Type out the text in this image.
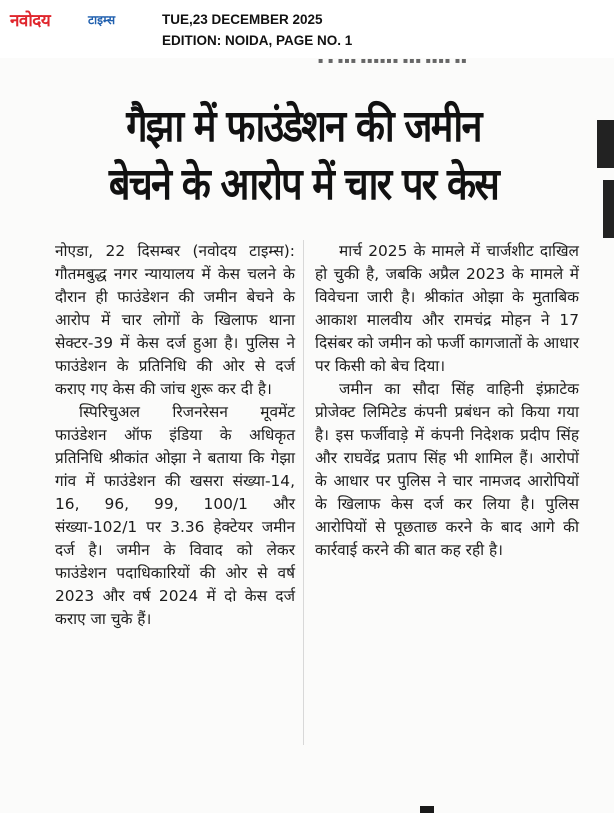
नवोदय	टाइम्स	TUE,23 DECEMBER 2025
EDITION: NOIDA, PAGE NO. 1
▪ ▪ ▪▪▪ ▪▪▪▪▪▪ ▪▪▪ ▪▪▪▪ ▪▪
गैझा में फाउंडेशन की जमीन
बेचने के आरोप में चार पर केस

नोएडा, 22 दिसम्बर (नवोदय टाइम्स): गौतमबुद्ध नगर न्यायालय में केस चलने के दौरान ही फाउंडेशन की जमीन बेचने के आरोप में चार लोगों के खिलाफ थाना सेक्टर-39 में केस दर्ज हुआ है। पुलिस ने फाउंडेशन के प्रतिनिधि की ओर से दर्ज कराए गए केस की जांच शुरू कर दी है।

स्पिरिचुअल रिजनरेसन मूवमेंट फाउंडेशन ऑफ इंडिया के अधिकृत प्रतिनिधि श्रीकांत ओझा ने बताया कि गेझा गांव में फाउंडेशन की खसरा संख्या-14, 16, 96, 99, 100/1 और संख्या-102/1 पर 3.36 हेक्टेयर जमीन दर्ज है। जमीन के विवाद को लेकर फाउंडेशन पदाधिकारियों की ओर से वर्ष 2023 और वर्ष 2024 में दो केस दर्ज कराए जा चुके हैं।

मार्च 2025 के मामले में चार्जशीट दाखिल हो चुकी है, जबकि अप्रैल 2023 के मामले में विवेचना जारी है। श्रीकांत ओझा के मुताबिक आकाश मालवीय और रामचंद्र मोहन ने 17 दिसंबर को जमीन को फर्जी कागजातों के आधार पर किसी को बेच दिया।

जमीन का सौदा सिंह वाहिनी इंफ्राटेक प्रोजेक्ट लिमिटेड कंपनी प्रबंधन को किया गया है। इस फर्जीवाड़े में कंपनी निदेशक प्रदीप सिंह और राघवेंद्र प्रताप सिंह भी शामिल हैं। आरोपों के आधार पर पुलिस ने चार नामजद आरोपियों के खिलाफ केस दर्ज कर लिया है। पुलिस आरोपियों से पूछताछ करने के बाद आगे की कार्रवाई करने की बात कह रही है।
